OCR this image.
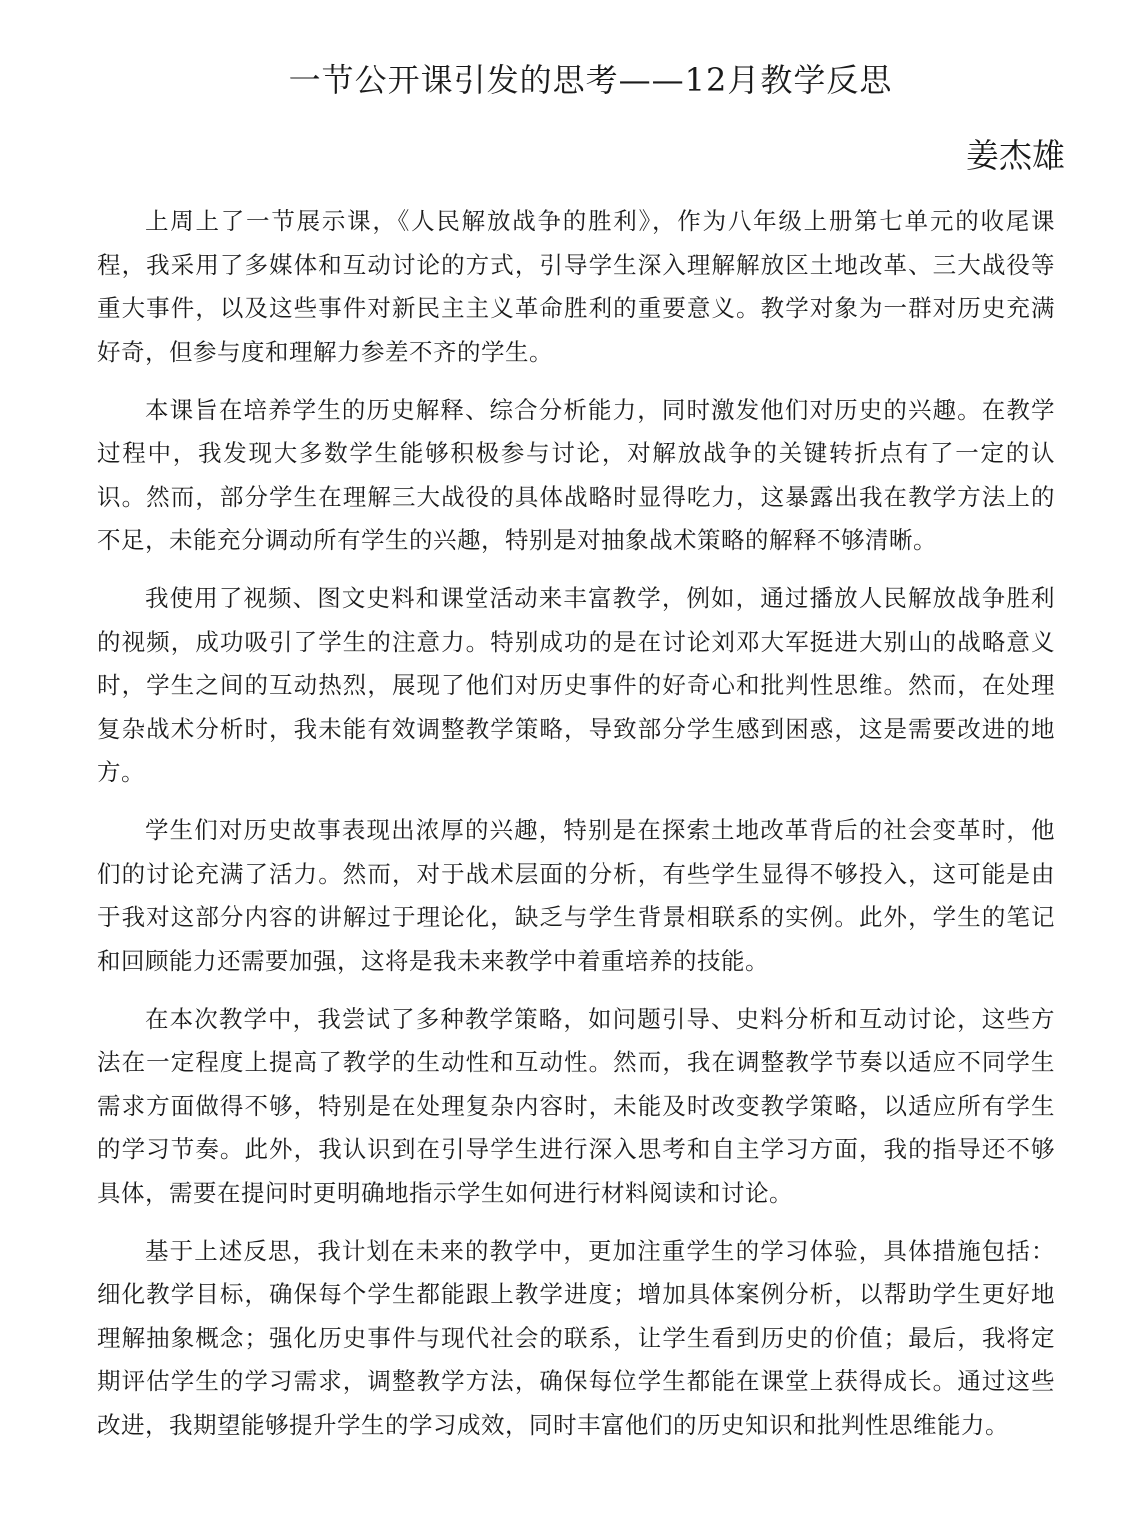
一节公开课引发的思考——12月教学反思
姜杰雄

上周上了一节展示课，《人民解放战争的胜利》，作为八年级上册第七单元的收尾课程，我采用了多媒体和互动讨论的方式，引导学生深入理解解放区土地改革、三大战役等重大事件，以及这些事件对新民主主义革命胜利的重要意义。教学对象为一群对历史充满好奇，但参与度和理解力参差不齐的学生。

本课旨在培养学生的历史解释、综合分析能力，同时激发他们对历史的兴趣。在教学过程中，我发现大多数学生能够积极参与讨论，对解放战争的关键转折点有了一定的认识。然而，部分学生在理解三大战役的具体战略时显得吃力，这暴露出我在教学方法上的不足，未能充分调动所有学生的兴趣，特别是对抽象战术策略的解释不够清晰。

我使用了视频、图文史料和课堂活动来丰富教学，例如，通过播放人民解放战争胜利的视频，成功吸引了学生的注意力。特别成功的是在讨论刘邓大军挺进大别山的战略意义时，学生之间的互动热烈，展现了他们对历史事件的好奇心和批判性思维。然而，在处理复杂战术分析时，我未能有效调整教学策略，导致部分学生感到困惑，这是需要改进的地方。

学生们对历史故事表现出浓厚的兴趣，特别是在探索土地改革背后的社会变革时，他们的讨论充满了活力。然而，对于战术层面的分析，有些学生显得不够投入，这可能是由于我对这部分内容的讲解过于理论化，缺乏与学生背景相联系的实例。此外，学生的笔记和回顾能力还需要加强，这将是我未来教学中着重培养的技能。

在本次教学中，我尝试了多种教学策略，如问题引导、史料分析和互动讨论，这些方法在一定程度上提高了教学的生动性和互动性。然而，我在调整教学节奏以适应不同学生需求方面做得不够，特别是在处理复杂内容时，未能及时改变教学策略，以适应所有学生的学习节奏。此外，我认识到在引导学生进行深入思考和自主学习方面，我的指导还不够具体，需要在提问时更明确地指示学生如何进行材料阅读和讨论。

基于上述反思，我计划在未来的教学中，更加注重学生的学习体验，具体措施包括：细化教学目标，确保每个学生都能跟上教学进度；增加具体案例分析，以帮助学生更好地理解抽象概念；强化历史事件与现代社会的联系，让学生看到历史的价值；最后，我将定期评估学生的学习需求，调整教学方法，确保每位学生都能在课堂上获得成长。通过这些改进，我期望能够提升学生的学习成效，同时丰富他们的历史知识和批判性思维能力。
